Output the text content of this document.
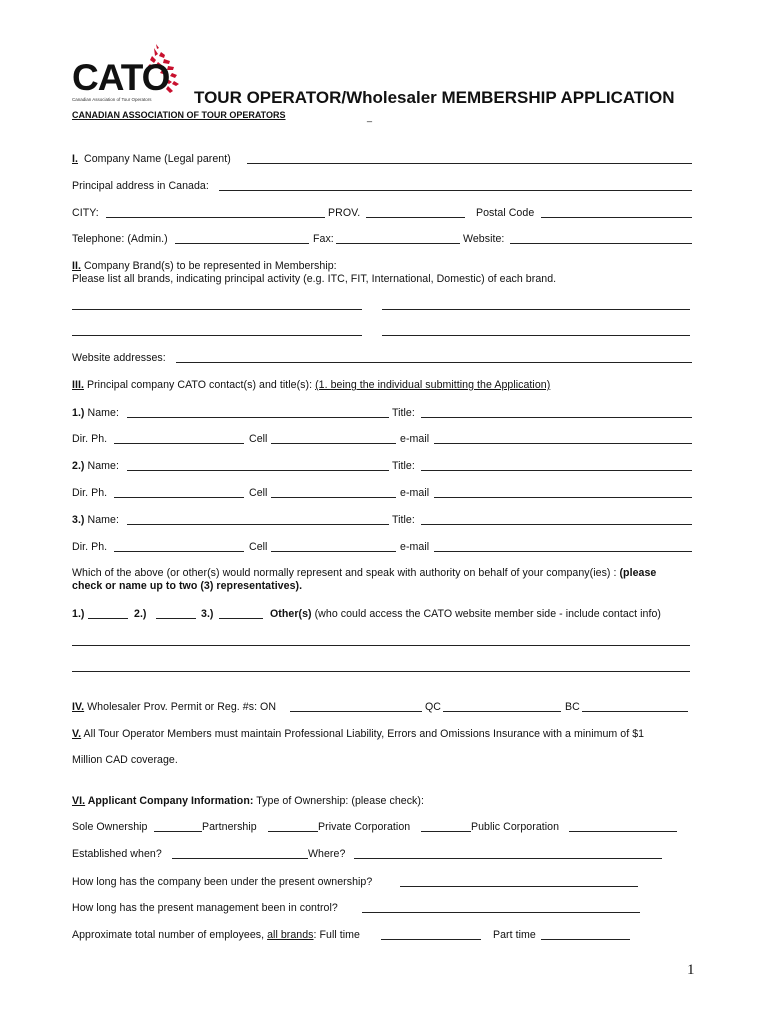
CATO
Canadian Association of Tour Operators	TOUR OPERATOR/Wholesaler MEMBERSHIP APPLICATION
CANADIAN ASSOCIATION OF TOUR OPERATORS	_
I. Company Name (Legal parent)
Principal address in Canada:
CITY:	PROV.	Postal Code
Telephone: (Admin.)	Fax:	Website:
II. Company Brand(s) to be represented in Membership:
Please list all brands, indicating principal activity (e.g. ITC, FIT, International, Domestic) of each brand.
Website addresses:
III. Principal company CATO contact(s) and title(s): (1. being the individual submitting the Application)
1.) Name:	Title:
Dir. Ph.	Cell	e-mail
2.) Name:	Title:
Dir. Ph.	Cell	e-mail
3.) Name:	Title:
Dir. Ph.	Cell	e-mail
Which of the above (or other(s) would normally represent and speak with authority on behalf of your company(ies) : (please
check or name up to two (3) representatives).
1.)	2.)	3.)	Other(s) (who could access the CATO website member side - include contact info)
IV. Wholesaler Prov. Permit or Reg. #s: ON	QC	BC
V. All Tour Operator Members must maintain Professional Liability, Errors and Omissions Insurance with a minimum of $1
Million CAD coverage.
VI. Applicant Company Information: Type of Ownership: (please check):
Sole Ownership	Partnership	Private Corporation	Public Corporation
Established when?	Where?
How long has the company been under the present ownership?
How long has the present management been in control?
Approximate total number of employees, all brands: Full time	Part time
1
